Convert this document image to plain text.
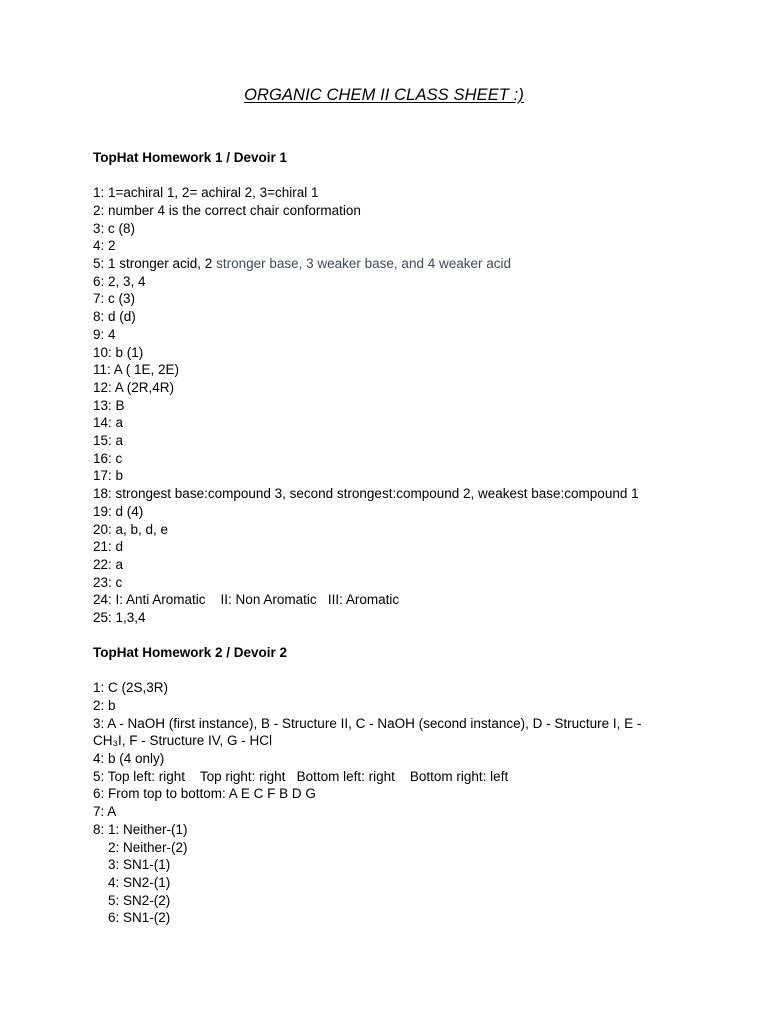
ORGANIC CHEM II CLASS SHEET :)

TopHat Homework 1 / Devoir 1

1: 1=achiral 1, 2= achiral 2, 3=chiral 1
2: number 4 is the correct chair conformation
3: c (8)
4: 2
5: 1 stronger acid, 2 stronger base, 3 weaker base, and 4 weaker acid
6: 2, 3, 4
7: c (3)
8: d (d)
9: 4
10: b (1)
11: A ( 1E, 2E)
12: A (2R,4R)
13: B
14: a
15: a
16: c
17: b
18: strongest base:compound 3, second strongest:compound 2, weakest base:compound 1
19: d (4)
20: a, b, d, e
21: d
22: a
23: c
24: I: Anti Aromatic    II: Non Aromatic   III: Aromatic
25: 1,3,4

TopHat Homework 2 / Devoir 2

1: C (2S,3R)
2: b
3: A - NaOH (first instance), B - Structure II, C - NaOH (second instance), D - Structure I, E -
CH₃I, F - Structure IV, G - HCl
4: b (4 only)
5: Top left: right    Top right: right   Bottom left: right    Bottom right: left
6: From top to bottom: A E C F B D G
7: A
8: 1: Neither-(1)
2: Neither-(2)
3: SN1-(1)
4: SN2-(1)
5: SN2-(2)
6: SN1-(2)
